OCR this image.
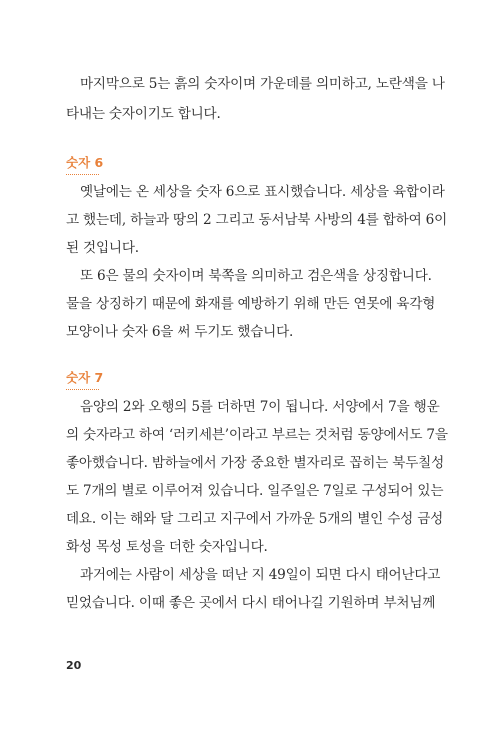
마지막으로 5는 흙의 숫자이며 가운데를 의미하고, 노란색을 나
타내는 숫자이기도 합니다.
숫자 6
옛날에는 온 세상을 숫자 6으로 표시했습니다. 세상을 육합이라
고 했는데, 하늘과 땅의 2 그리고 동서남북 사방의 4를 합하여 6이
된 것입니다.
또 6은 물의 숫자이며 북쪽을 의미하고 검은색을 상징합니다.
물을 상징하기 때문에 화재를 예방하기 위해 만든 연못에 육각형
모양이나 숫자 6을 써 두기도 했습니다.
숫자 7
음양의 2와 오행의 5를 더하면 7이 됩니다. 서양에서 7을 행운
의 숫자라고 하여 ‘러키세븐’이라고 부르는 것처럼 동양에서도 7을
좋아했습니다. 밤하늘에서 가장 중요한 별자리로 꼽히는 북두칠성
도 7개의 별로 이루어져 있습니다. 일주일은 7일로 구성되어 있는
데요. 이는 해와 달 그리고 지구에서 가까운 5개의 별인 수성 금성
화성 목성 토성을 더한 숫자입니다.
과거에는 사람이 세상을 떠난 지 49일이 되면 다시 태어난다고
믿었습니다. 이때 좋은 곳에서 다시 태어나길 기원하며 부처님께
20
